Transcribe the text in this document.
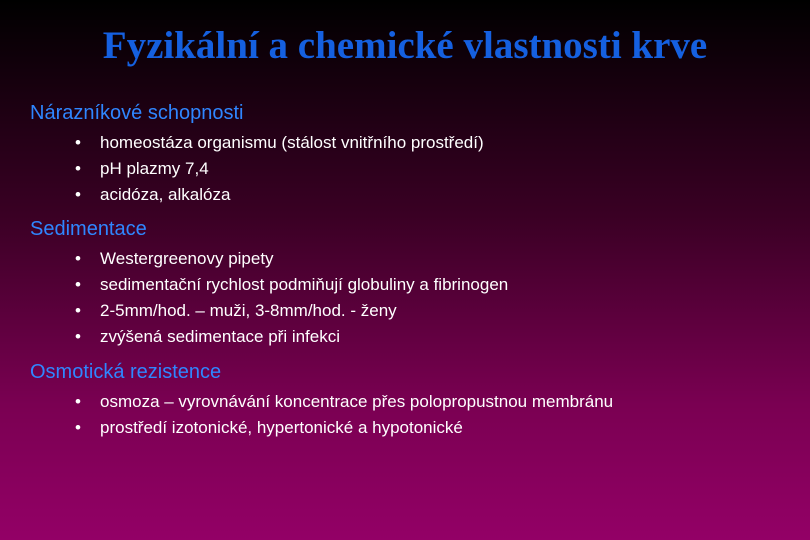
Fyzikální a chemické vlastnosti krve
Nárazníkové schopnosti
• homeostáza organismu (stálost vnitřního prostředí)
• pH plazmy 7,4
• acidóza, alkalóza
Sedimentace
• Westergreenovy pipety
• sedimentační rychlost podmiňují globuliny a fibrinogen
• 2-5mm/hod. – muži, 3-8mm/hod. - ženy
• zvýšená sedimentace při infekci
Osmotická rezistence
• osmoza – vyrovnávání koncentrace přes polopropustnou membránu
• prostředí izotonické, hypertonické a hypotonické
